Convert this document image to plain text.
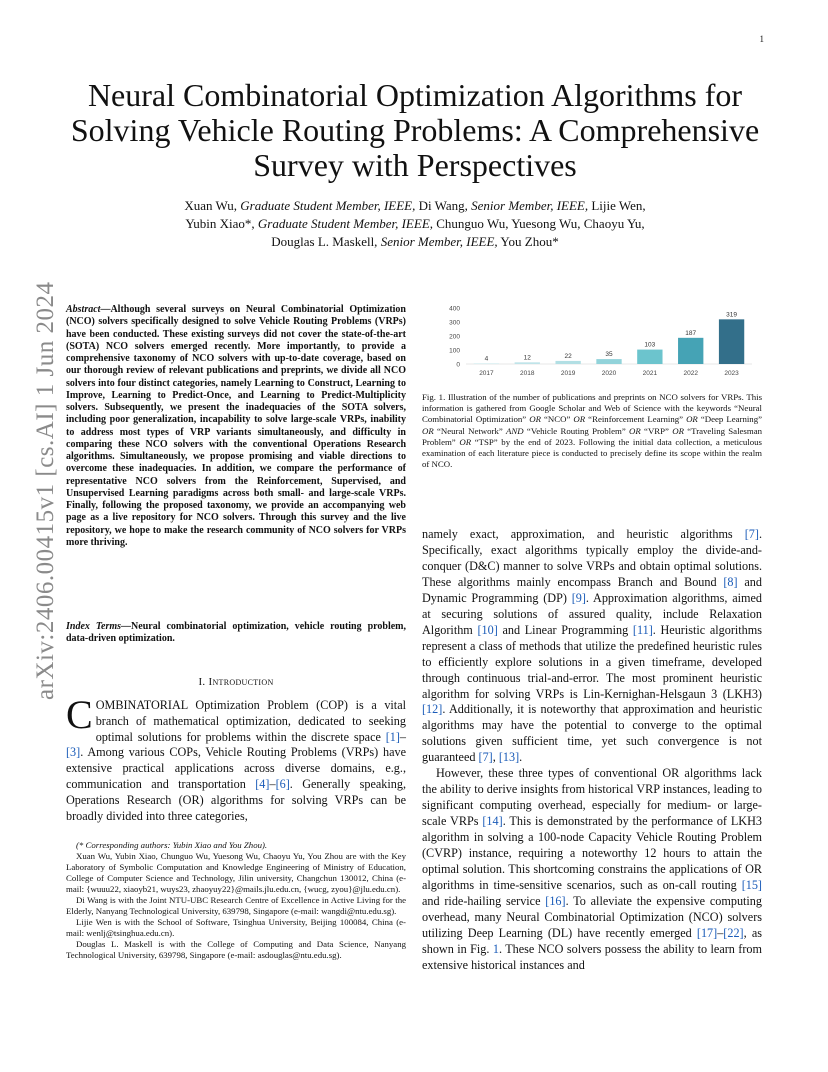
1
arXiv:2406.00415v1 [cs.AI] 1 Jun 2024
Neural Combinatorial Optimization Algorithms for Solving Vehicle Routing Problems: A Comprehensive Survey with Perspectives
Xuan Wu, Graduate Student Member, IEEE, Di Wang, Senior Member, IEEE, Lijie Wen,
Yubin Xiao*, Graduate Student Member, IEEE, Chunguo Wu, Yuesong Wu, Chaoyu Yu,
Douglas L. Maskell, Senior Member, IEEE, You Zhou*
Abstract—Although several surveys on Neural Combinatorial Optimization (NCO) solvers specifically designed to solve Vehicle Routing Problems (VRPs) have been conducted. These existing surveys did not cover the state-of-the-art (SOTA) NCO solvers emerged recently. More importantly, to provide a comprehensive taxonomy of NCO solvers with up-to-date coverage, based on our thorough review of relevant publications and preprints, we divide all NCO solvers into four distinct categories, namely Learning to Construct, Learning to Improve, Learning to Predict-Once, and Learning to Predict-Multiplicity solvers. Subsequently, we present the inadequacies of the SOTA solvers, including poor generalization, incapability to solve large-scale VRPs, inability to address most types of VRP variants simultaneously, and difficulty in comparing these NCO solvers with the conventional Operations Research algorithms. Simultaneously, we propose promising and viable directions to overcome these inadequacies. In addition, we compare the performance of representative NCO solvers from the Reinforcement, Supervised, and Unsupervised Learning paradigms across both small- and large-scale VRPs. Finally, following the proposed taxonomy, we provide an accompanying web page as a live repository for NCO solvers. Through this survey and the live repository, we hope to make the research community of NCO solvers for VRPs more thriving.
Index Terms—Neural combinatorial optimization, vehicle routing problem, data-driven optimization.
I. Introduction
COMBINATORIAL Optimization Problem (COP) is a vital branch of mathematical optimization, dedicated to seeking optimal solutions for problems within the discrete space [1]–[3]. Among various COPs, Vehicle Routing Problems (VRPs) have extensive practical applications across diverse domains, e.g., communication and transportation [4]–[6]. Generally speaking, Operations Research (OR) algorithms for solving VRPs can be broadly divided into three categories,

(* Corresponding authors: Yubin Xiao and You Zhou).

Xuan Wu, Yubin Xiao, Chunguo Wu, Yuesong Wu, Chaoyu Yu, You Zhou are with the Key Laboratory of Symbolic Computation and Knowledge Engineering of Ministry of Education, College of Computer Science and Technology, Jilin university, Changchun 130012, China (e-mail: {wuuu22, xiaoyb21, wuys23, zhaoyuy22}@mails.jlu.edu.cn, {wucg, zyou}@jlu.edu.cn).

Di Wang is with the Joint NTU-UBC Research Centre of Excellence in Active Living for the Elderly, Nanyang Technological University, 639798, Singapore (e-mail: wangdi@ntu.edu.sg).

Lijie Wen is with the School of Software, Tsinghua University, Beijing 100084, China (e-mail: wenlj@tsinghua.edu.cn).

Douglas L. Maskell is with the College of Computing and Data Science, Nanyang Technological University, 639798, Singapore (e-mail: asdouglas@ntu.edu.sg).

0
100
200
300
400
4
2017
12
2018
22
2019
35
2020
103
2021
187
2022
319
2023
Fig. 1. Illustration of the number of publications and preprints on NCO solvers for VRPs. This information is gathered from Google Scholar and Web of Science with the keywords “Neural Combinatorial Optimization” OR “NCO” OR “Reinforcement Learning” OR “Deep Learning” OR “Neural Network” AND “Vehicle Routing Problem” OR “VRP” OR “Traveling Salesman Problem” OR “TSP” by the end of 2023. Following the initial data collection, a meticulous examination of each literature piece is conducted to precisely define its scope within the realm of NCO.

namely exact, approximation, and heuristic algorithms [7]. Specifically, exact algorithms typically employ the divide-and-conquer (D&C) manner to solve VRPs and obtain optimal solutions. These algorithms mainly encompass Branch and Bound [8] and Dynamic Programming (DP) [9]. Approximation algorithms, aimed at securing solutions of assured quality, include Relaxation Algorithm [10] and Linear Programming [11]. Heuristic algorithms represent a class of methods that utilize the predefined heuristic rules to efficiently explore solutions in a given timeframe, developed through continuous trial-and-error. The most prominent heuristic algorithm for solving VRPs is Lin-Kernighan-Helsgaun 3 (LKH3) [12]. Additionally, it is noteworthy that approximation and heuristic algorithms may have the potential to converge to the optimal solutions given sufficient time, yet such convergence is not guaranteed [7], [13].

However, these three types of conventional OR algorithms lack the ability to derive insights from historical VRP instances, leading to significant computing overhead, especially for medium- or large-scale VRPs [14]. This is demonstrated by the performance of LKH3 algorithm in solving a 100-node Capacity Vehicle Routing Problem (CVRP) instance, requiring a noteworthy 12 hours to attain the optimal solution. This shortcoming constrains the applications of OR algorithms in time-sensitive scenarios, such as on-call routing [15] and ride-hailing service [16]. To alleviate the expensive computing overhead, many Neural Combinatorial Optimization (NCO) solvers utilizing Deep Learning (DL) have recently emerged [17]–[22], as shown in Fig. 1. These NCO solvers possess the ability to learn from extensive historical instances and
